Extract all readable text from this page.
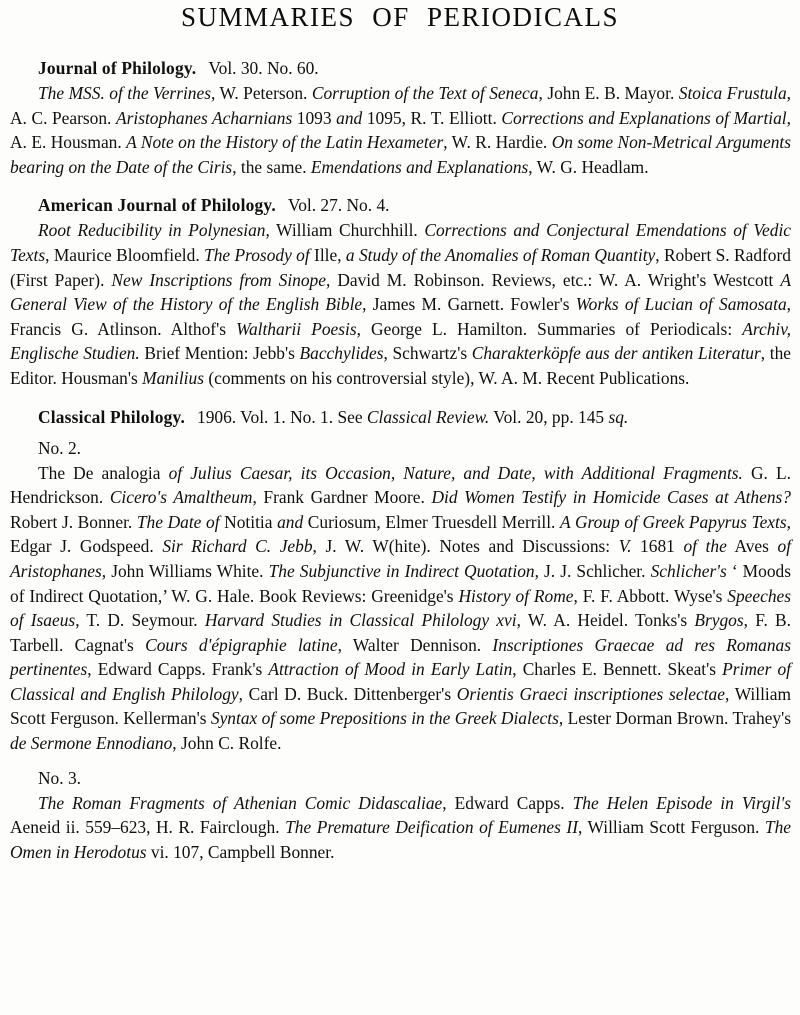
SUMMARIES OF PERIODICALS
Journal of Philology. Vol. 30. No. 60.

The MSS. of the Verrines, W. Peterson. Corruption of the Text of Seneca, John E. B. Mayor. Stoica Frustula, A. C. Pearson. Aristophanes Acharnians 1093 and 1095, R. T. Elliott. Corrections and Explanations of Martial, A. E. Housman. A Note on the History of the Latin Hexameter, W. R. Hardie. On some Non-Metrical Arguments bearing on the Date of the Ciris, the same. Emendations and Explanations, W. G. Headlam.

American Journal of Philology. Vol. 27. No. 4.

Root Reducibility in Polynesian, William Churchhill. Corrections and Conjectural Emendations of Vedic Texts, Maurice Bloomfield. The Prosody of Ille, a Study of the Anomalies of Roman Quantity, Robert S. Radford (First Paper). New Inscriptions from Sinope, David M. Robinson. Reviews, etc.: W. A. Wright's Westcott A General View of the History of the English Bible, James M. Garnett. Fowler's Works of Lucian of Samosata, Francis G. Atlinson. Althof's Waltharii Poesis, George L. Hamilton. Summaries of Periodicals: Archiv, Englische Studien. Brief Mention: Jebb's Bacchylides, Schwartz's Charakterköpfe aus der antiken Literatur, the Editor. Housman's Manilius (comments on his controversial style), W. A. M. Recent Publications.

Classical Philology. 1906. Vol. 1. No. 1. See Classical Review. Vol. 20, pp. 145 sq.
No. 2.

The De analogia of Julius Caesar, its Occasion, Nature, and Date, with Additional Fragments. G. L. Hendrickson. Cicero's Amaltheum, Frank Gardner Moore. Did Women Testify in Homicide Cases at Athens? Robert J. Bonner. The Date of Notitia and Curiosum, Elmer Truesdell Merrill. A Group of Greek Papyrus Texts, Edgar J. Godspeed. Sir Richard C. Jebb, J. W. W(hite). Notes and Discussions: V. 1681 of the Aves of Aristophanes, John Williams White. The Subjunctive in Indirect Quotation, J. J. Schlicher. Schlicher's ‘ Moods of Indirect Quotation,’ W. G. Hale. Book Reviews: Greenidge's History of Rome, F. F. Abbott. Wyse's Speeches of Isaeus, T. D. Seymour. Harvard Studies in Classical Philology xvi, W. A. Heidel. Tonks's Brygos, F. B. Tarbell. Cagnat's Cours d'épigraphie latine, Walter Dennison. Inscriptiones Graecae ad res Romanas pertinentes, Edward Capps. Frank's Attraction of Mood in Early Latin, Charles E. Bennett. Skeat's Primer of Classical and English Philology, Carl D. Buck. Dittenberger's Orientis Graeci inscriptiones selectae, William Scott Ferguson. Kellerman's Syntax of some Prepositions in the Greek Dialects, Lester Dorman Brown. Trahey's de Sermone Ennodiano, John C. Rolfe.

No. 3.

The Roman Fragments of Athenian Comic Didascaliae, Edward Capps. The Helen Episode in Virgil's Aeneid ii. 559–623, H. R. Fairclough. The Premature Deification of Eumenes II, William Scott Ferguson. The Omen in Herodotus vi. 107, Campbell Bonner.
